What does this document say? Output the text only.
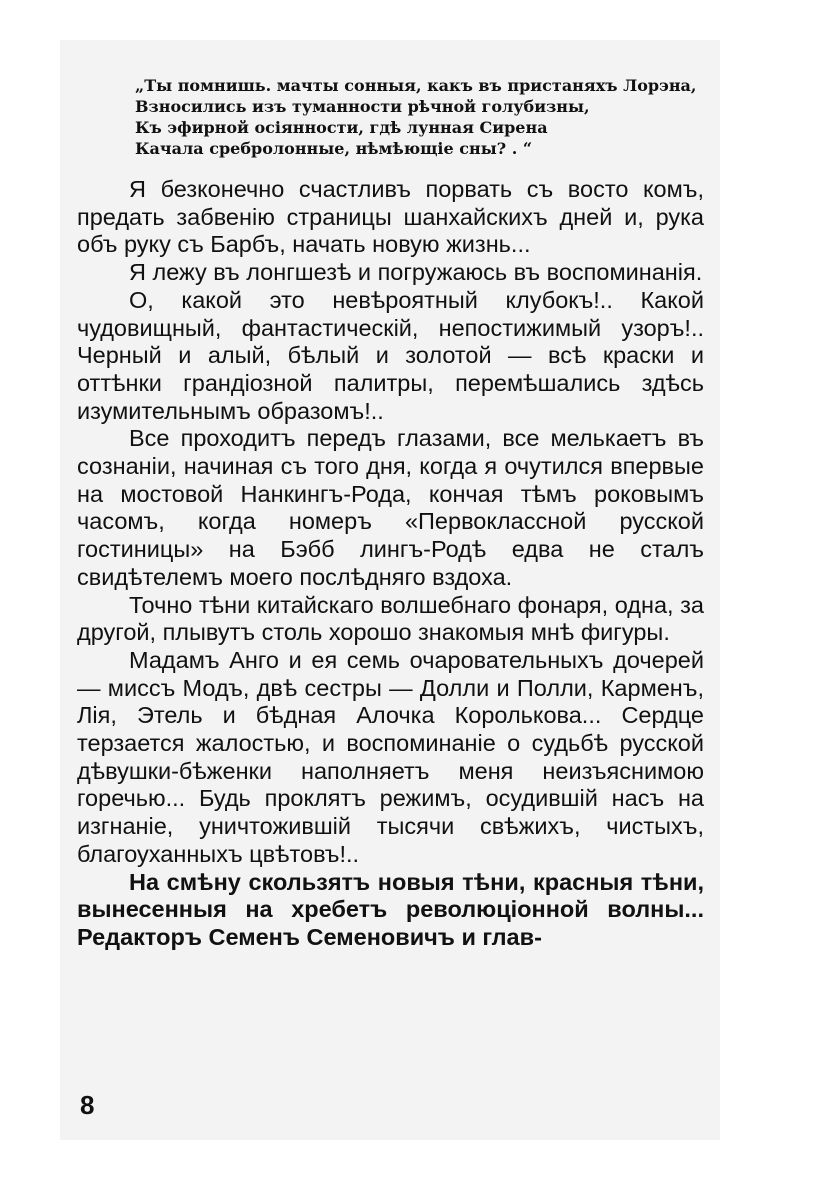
„Ты помнишь. мачты сонныя, какъ въ пристаняхъ Лорэна,
Взносились изъ туманности рѣчной голубизны,
Къ эфирной осіянности, гдѣ лунная Сирена
Качала сребролонные, нѣмѣющіе сны? . “

Я безконечно счастливъ порвать съ восто комъ, предать забвенію страницы шанхайскихъ дней и, рука объ руку съ Барбъ, начать новую жизнь...

Я лежу въ лонгшезѣ и погружаюсь въ воспоминанія.

О, какой это невѣроятный клубокъ!.. Какой чудовищный, фантастическій, непостижимый узоръ!.. Черный и алый, бѣлый и золотой — всѣ краски и оттѣнки грандіозной палитры, перемѣшались здѣсь изумительнымъ образомъ!..

Все проходитъ передъ глазами, все мелькаетъ въ сознаніи, начиная съ того дня, когда я очутился впервые на мостовой Нанкингъ-Рода, кончая тѣмъ роковымъ часомъ, когда номеръ «Первоклассной русской гостиницы» на Бэбб лингъ-Родѣ едва не сталъ свидѣтелемъ моего послѣдняго вздоха.

Точно тѣни китайскаго волшебнаго фонаря, одна, за другой, плывутъ столь хорошо знакомыя мнѣ фигуры.

Мадамъ Анго и ея семь очаровательныхъ дочерей — миссъ Модъ, двѣ сестры — Долли и Полли, Карменъ, Лія, Этель и бѣдная Алочка Королькова... Сердце терзается жалостью, и воспоминаніе о судьбѣ русской дѣвушки-бѣженки наполняетъ меня неизъяснимою горечью... Будь проклятъ режимъ, осудившій насъ на изгнаніе, уничтожившій тысячи свѣжихъ, чистыхъ, благоуханныхъ цвѣтовъ!..

На смѣну скользятъ новыя тѣни, красныя тѣни, вынесенныя на хребетъ революціонной волны... Редакторъ Семенъ Семеновичъ и глав-

8
